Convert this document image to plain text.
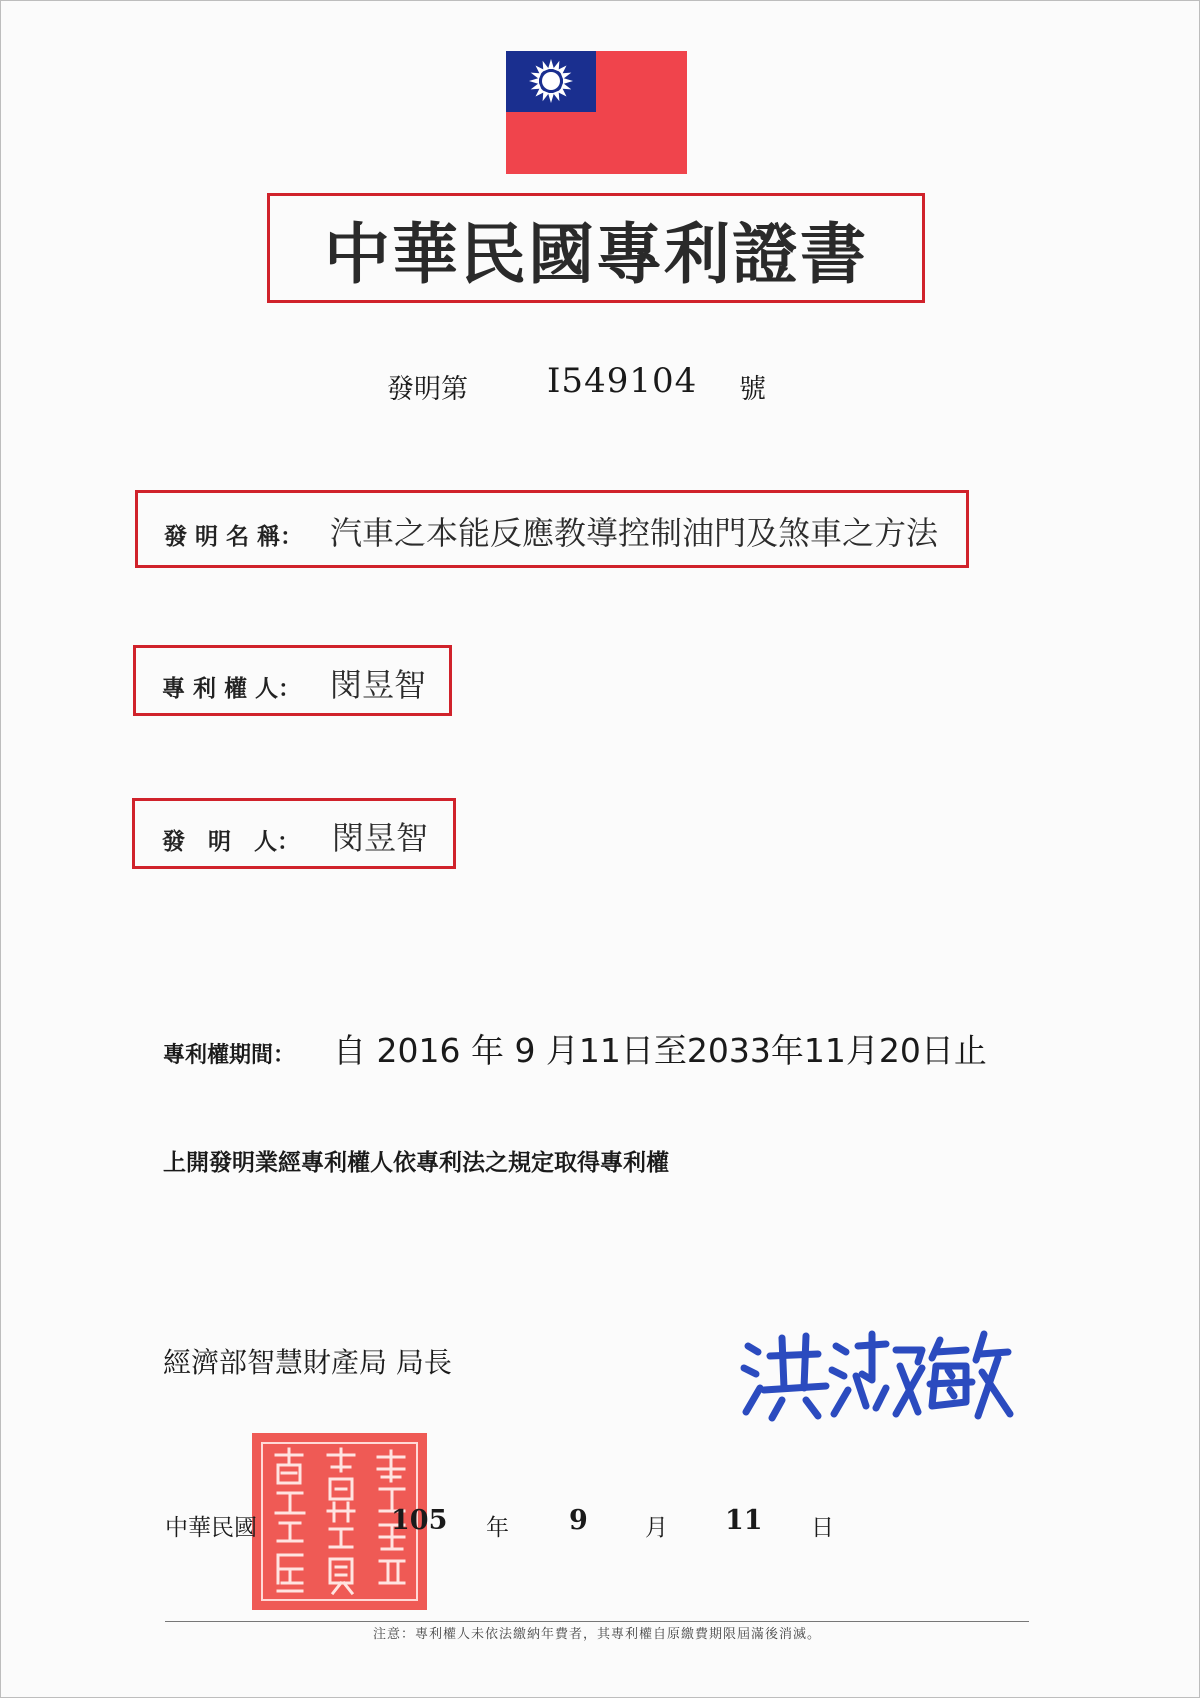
中華民國專利證書
發明第 I549104 號
發 明 名 稱： 汽車之本能反應教導控制油門及煞車之方法
專 利 權 人： 閔昱智
發　明　人： 閔昱智
專利權期間： 自 2016 年 9 月11日至2033年11月20日止
上開發明業經專利權人依專利法之規定取得專利權
經濟部智慧財產局 局長
中華民國	105 年 9 月 11 日
注意：專利權人未依法繳納年費者，其專利權自原繳費期限屆滿後消滅。
